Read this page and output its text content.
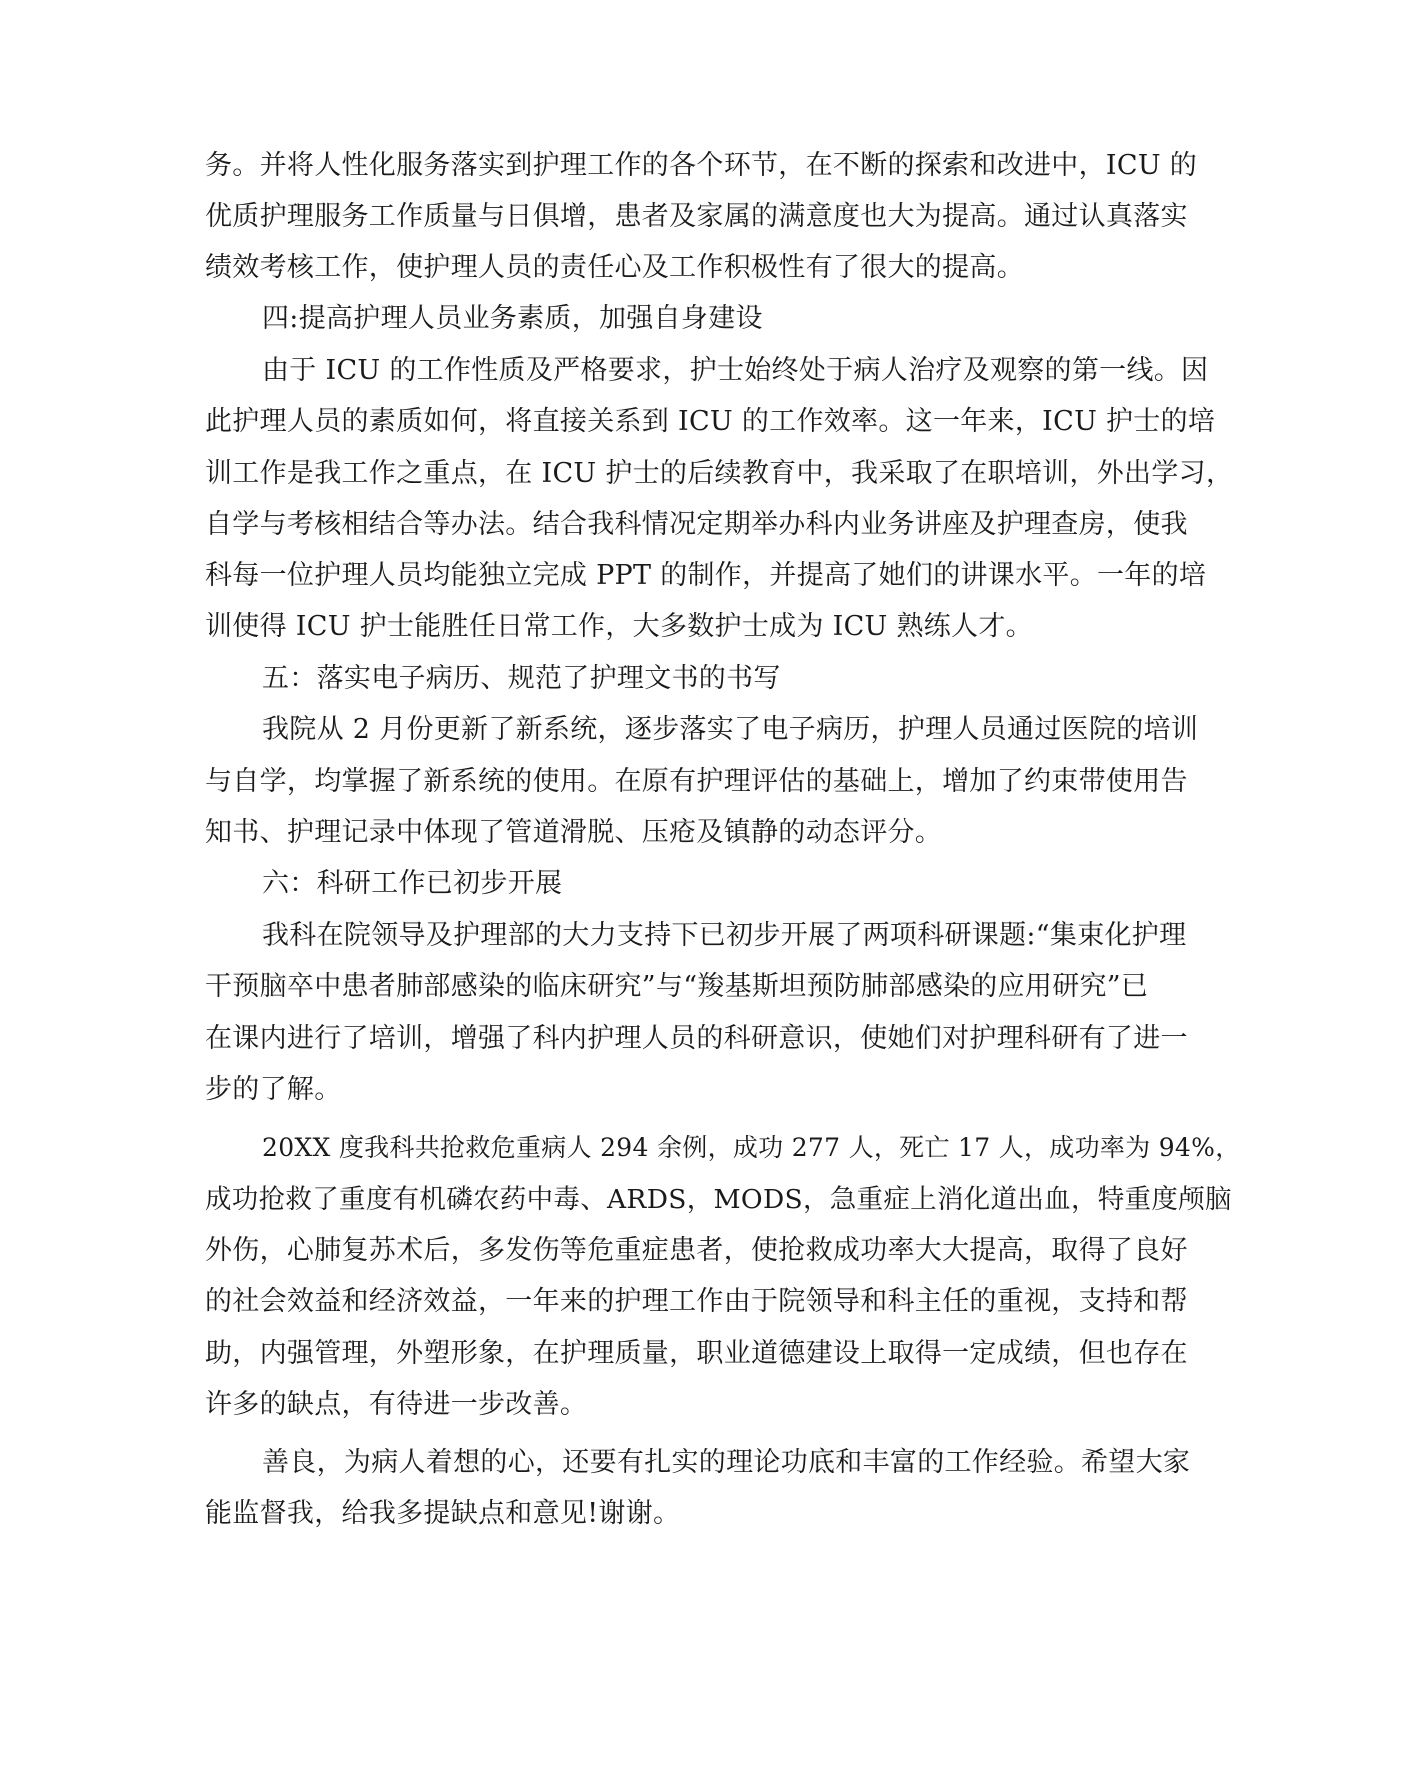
务。并将人性化服务落实到护理工作的各个环节，在不断的探索和改进中，ICU 的
优质护理服务工作质量与日俱增，患者及家属的满意度也大为提高。通过认真落实
绩效考核工作，使护理人员的责任心及工作积极性有了很大的提高。
四:提高护理人员业务素质，加强自身建设
由于 ICU 的工作性质及严格要求，护士始终处于病人治疗及观察的第一线。因
此护理人员的素质如何，将直接关系到 ICU 的工作效率。这一年来，ICU 护士的培
训工作是我工作之重点，在 ICU 护士的后续教育中，我采取了在职培训，外出学习，
自学与考核相结合等办法。结合我科情况定期举办科内业务讲座及护理查房，使我
科每一位护理人员均能独立完成 PPT 的制作，并提高了她们的讲课水平。一年的培
训使得 ICU 护士能胜任日常工作，大多数护士成为 ICU 熟练人才。
五：落实电子病历、规范了护理文书的书写
我院从 2 月份更新了新系统，逐步落实了电子病历，护理人员通过医院的培训
与自学，均掌握了新系统的使用。在原有护理评估的基础上，增加了约束带使用告
知书、护理记录中体现了管道滑脱、压疮及镇静的动态评分。
六：科研工作已初步开展
我科在院领导及护理部的大力支持下已初步开展了两项科研课题:“集束化护理
干预脑卒中患者肺部感染的临床研究”与“羧基斯坦预防肺部感染的应用研究”已
在课内进行了培训，增强了科内护理人员的科研意识，使她们对护理科研有了进一
步的了解。
20XX 度我科共抢救危重病人 294 余例，成功 277 人，死亡 17 人，成功率为 94%，
成功抢救了重度有机磷农药中毒、ARDS，MODS，急重症上消化道出血，特重度颅脑
外伤，心肺复苏术后，多发伤等危重症患者，使抢救成功率大大提高，取得了良好
的社会效益和经济效益，一年来的护理工作由于院领导和科主任的重视，支持和帮
助，内强管理，外塑形象，在护理质量，职业道德建设上取得一定成绩，但也存在
许多的缺点，有待进一步改善。
善良，为病人着想的心，还要有扎实的理论功底和丰富的工作经验。希望大家
能监督我，给我多提缺点和意见!谢谢。
